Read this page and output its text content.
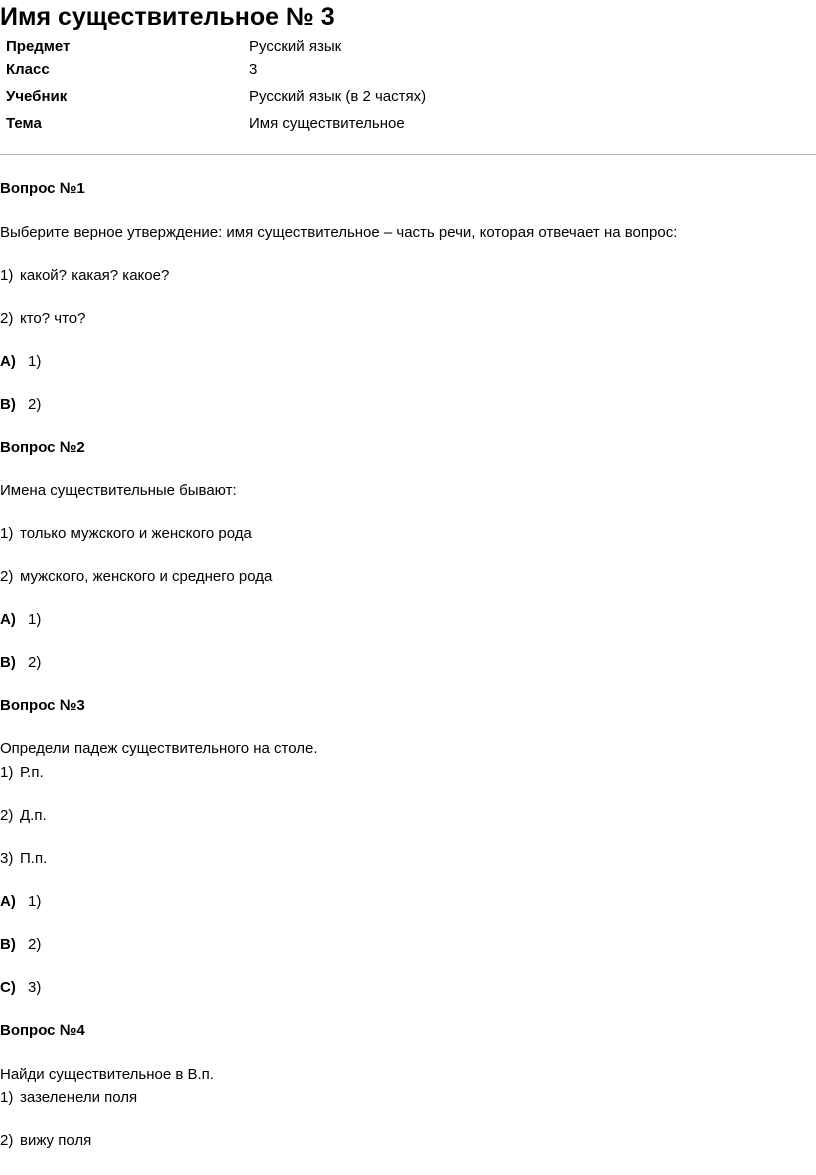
Имя существительное № 3
Предмет	Русский язык
Класс	3
Учебник	Русский язык (в 2 частях)
Тема	Имя существительное
Вопрос №1
Выберите верное утверждение: имя существительное – часть речи, которая отвечает на вопрос:
1) какой? какая? какое?
2) кто? что?
A) 1)
B) 2)
Вопрос №2
Имена существительные бывают:
1) только мужского и женского рода
2) мужского, женского и среднего рода
A) 1)
B) 2)
Вопрос №3
Определи падеж существительного на столе.
1) Р.п.
2) Д.п.
3) П.п.
A) 1)
B) 2)
C) 3)
Вопрос №4
Найди существительное в В.п.
1) зазеленели поля
2) вижу поля
